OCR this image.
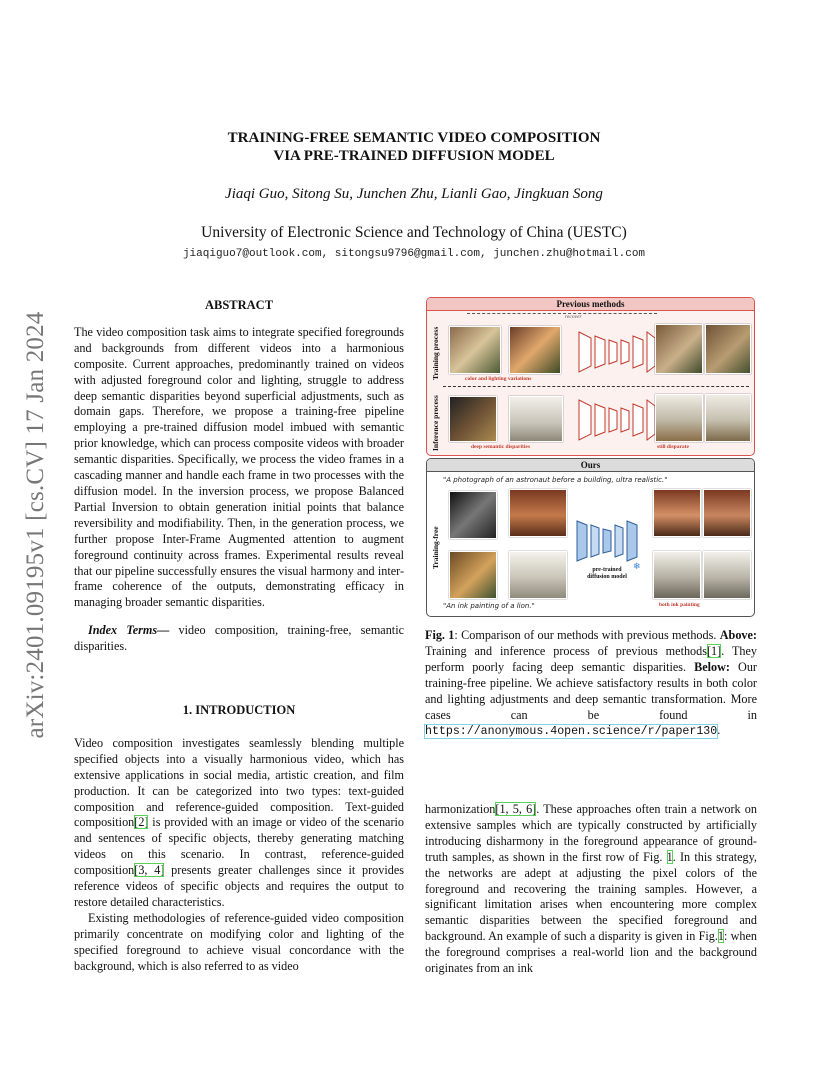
arXiv:2401.09195v1 [cs.CV] 17 Jan 2024
TRAINING-FREE SEMANTIC VIDEO COMPOSITION
VIA PRE-TRAINED DIFFUSION MODEL
Jiaqi Guo, Sitong Su, Junchen Zhu, Lianli Gao, Jingkuan Song
University of Electronic Science and Technology of China (UESTC)
jiaqiguo7@outlook.com, sitongsu9796@gmail.com, junchen.zhu@hotmail.com
ABSTRACT

The video composition task aims to integrate specified foregrounds and backgrounds from different videos into a harmonious composite. Current approaches, predominantly trained on videos with adjusted foreground color and lighting, struggle to address deep semantic disparities beyond superficial adjustments, such as domain gaps. Therefore, we propose a training-free pipeline employing a pre-trained diffusion model imbued with semantic prior knowledge, which can process composite videos with broader semantic disparities. Specifically, we process the video frames in a cascading manner and handle each frame in two processes with the diffusion model. In the inversion process, we propose Balanced Partial Inversion to obtain generation initial points that balance reversibility and modifiability. Then, in the generation process, we further propose Inter-Frame Augmented attention to augment foreground continuity across frames. Experimental results reveal that our pipeline successfully ensures the visual harmony and inter-frame coherence of the outputs, demonstrating efficacy in managing broader semantic disparities.

Index Terms— video composition, training-free, semantic disparities.

1. INTRODUCTION

Video composition investigates seamlessly blending multiple specified objects into a visually harmonious video, which has extensive applications in social media, artistic creation, and film production. It can be categorized into two types: text-guided composition and reference-guided composition. Text-guided composition[2] is provided with an image or video of the scenario and sentences of specific objects, thereby generating matching videos on this scenario. In contrast, reference-guided composition[3, 4] presents greater challenges since it provides reference videos of specific objects and requires the output to restore detailed characteristics.

Existing methodologies of reference-guided video composition primarily concentrate on modifying color and lighting of the specified foreground to achieve visual concordance with the background, which is also referred to as video

Previous methods
Training process
Inference process
recover
color and lighting variations
deep semantic disparities	still disparate
Ours
"A photograph of an astronaut before a building, ultra realistic."
Training-free	❄
pre-trained
diffusion model
"An ink painting of a lion."	both ink painting

Fig. 1: Comparison of our methods with previous methods. Above: Training and inference process of previous methods[1]. They perform poorly facing deep semantic disparities. Below: Our training-free pipeline. We achieve satisfactory results in both color and lighting adjustments and deep semantic transformation. More cases can be found in https://anonymous.4open.science/r/paper130.

harmonization[1, 5, 6]. These approaches often train a network on extensive samples which are typically constructed by artificially introducing disharmony in the foreground appearance of ground-truth samples, as shown in the first row of Fig. 1. In this strategy, the networks are adept at adjusting the pixel colors of the foreground and recovering the training samples. However, a significant limitation arises when encountering more complex semantic disparities between the specified foreground and background. An example of such a disparity is given in Fig.1: when the foreground comprises a real-world lion and the background originates from an ink
